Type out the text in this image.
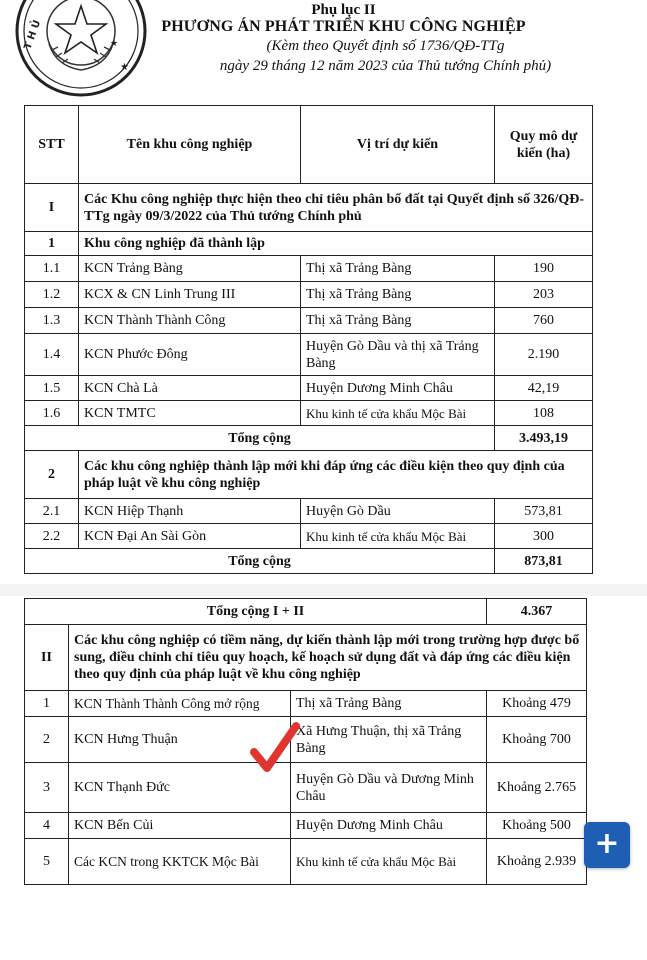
T H Ủ
★
★
Phụ lục II
PHƯƠNG ÁN PHÁT TRIỂN KHU CÔNG NGHIỆP
(Kèm theo Quyết định số 1736/QĐ-TTg
ngày 29 tháng 12 năm 2023 của Thủ tướng Chính phủ)
STT	Tên khu công nghiệp	Vị trí dự kiến	Quy mô dự kiến (ha)
I	Các Khu công nghiệp thực hiện theo chỉ tiêu phân bổ đất tại Quyết định số 326/QĐ-TTg ngày 09/3/2022 của Thủ tướng Chính phủ		
1	Khu công nghiệp đã thành lập		
1.1	KCN Trảng Bàng	Thị xã Trảng Bàng	190
1.2	KCX & CN Linh Trung III	Thị xã Trảng Bàng	203
1.3	KCN Thành Thành Công	Thị xã Trảng Bàng	760
1.4	KCN Phước Đông	Huyện Gò Dầu và thị xã Trảng Bàng	2.190
1.5	KCN Chà Là	Huyện Dương Minh Châu	42,19
1.6	KCN TMTC	Khu kinh tế cửa khẩu Mộc Bài	108
Tổng cộng			3.493,19
2	Các khu công nghiệp thành lập mới khi đáp ứng các điều kiện theo quy định của pháp luật về khu công nghiệp		
2.1	KCN Hiệp Thạnh	Huyện Gò Dầu	573,81
2.2	KCN Đại An Sài Gòn	Khu kinh tế cửa khẩu Mộc Bài	300
Tổng cộng			873,81
Tổng cộng I + II			4.367
II	Các khu công nghiệp có tiềm năng, dự kiến thành lập mới trong trường hợp được bổ sung, điều chỉnh chỉ tiêu quy hoạch, kế hoạch sử dụng đất và đáp ứng các điều kiện theo quy định của pháp luật về khu công nghiệp		
1	KCN Thành Thành Công mở rộng	Thị xã Trảng Bàng	Khoảng 479
2	KCN Hưng Thuận	Xã Hưng Thuận, thị xã Trảng Bàng	Khoảng 700
3	KCN Thạnh Đức	Huyện Gò Dầu và Dương Minh Châu	Khoảng 2.765
4	KCN Bến Củi	Huyện Dương Minh Châu	Khoảng 500
5	Các KCN trong KKTCK Mộc Bài	Khu kinh tế cửa khẩu Mộc Bài	Khoảng 2.939
+
